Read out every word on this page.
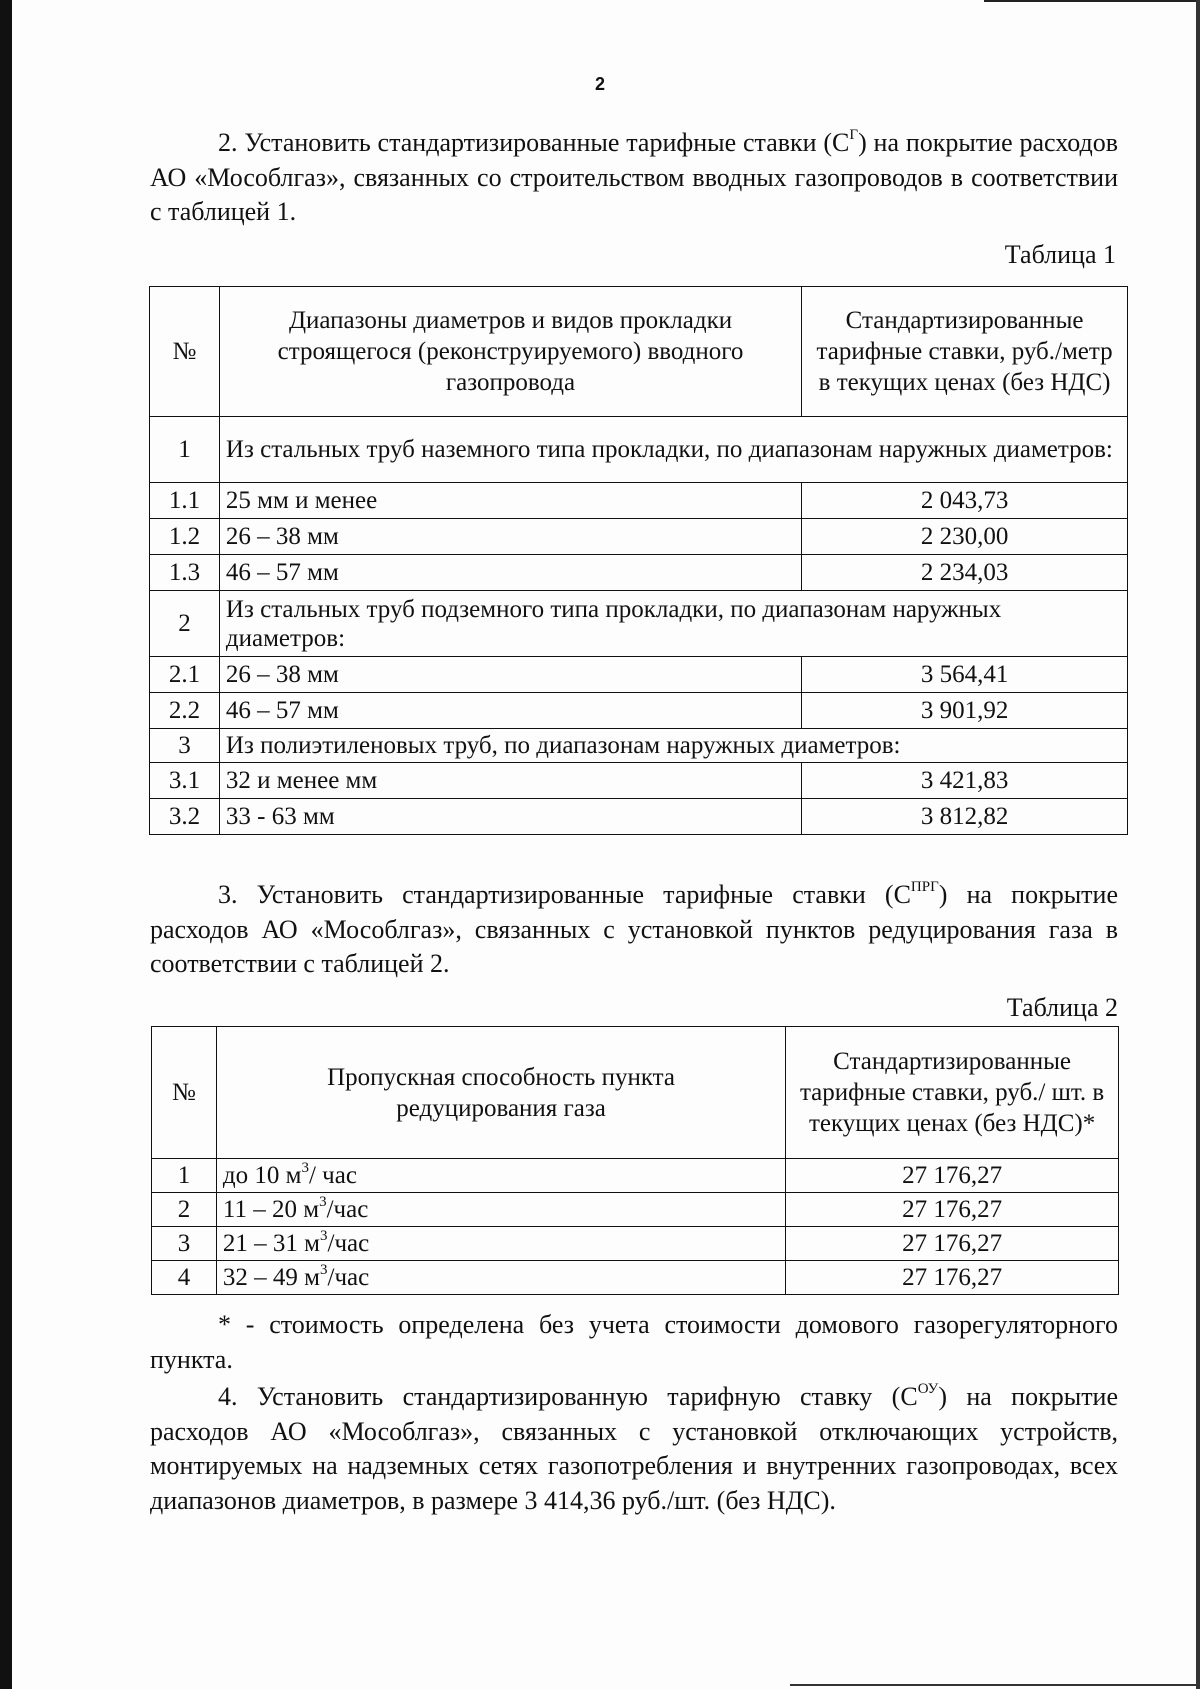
2

2. Установить стандартизированные тарифные ставки $(С^Г)$ на покрытие расходов АО «Мособлгаз», связанных со строительством вводных газопроводов в соответствии с таблицей 1.

Таблица 1

№	Диапазоны диаметров и видов прокладки строящегося (реконструируемого) вводного газопровода	Стандартизированные тарифные ставки, руб./метр в текущих ценах (без НДС)
1	Из стальных труб наземного типа прокладки, по диапазонам наружных диаметров:	
1.1	25 мм и менее	2 043,73
1.2	26 – 38 мм	2 230,00
1.3	46 – 57 мм	2 234,03
2	Из стальных труб подземного типа прокладки, по диапазонам наружных диаметров:	
2.1	26 – 38 мм	3 564,41
2.2	46 – 57 мм	3 901,92
3	Из полиэтиленовых труб, по диапазонам наружных диаметров:	
3.1	32 и менее мм	3 421,83
3.2	33 - 63 мм	3 812,82

3. Установить стандартизированные тарифные ставки $(С^{ПРГ})$ на покрытие расходов АО «Мособлгаз», связанных с установкой пунктов редуцирования газа в соответствии с таблицей 2.

Таблица 2

№	Пропускная способность пункта редуцирования газа	Стандартизированные тарифные ставки, руб./ шт. в текущих ценах (без НДС)*
1	до 10 $м^3/$ час	27 176,27
2	11 – 20 $м^3$/час	27 176,27
3	21 – 31 $м^3$/час	27 176,27
4	32 – 49 $м^3$/час	27 176,27

* - стоимость определена без учета стоимости домового газорегуляторного пункта.

4. Установить стандартизированную тарифную ставку $(С^{ОУ})$ на покрытие расходов АО «Мособлгаз», связанных с установкой отключающих устройств, монтируемых на надземных сетях газопотребления и внутренних газопроводах, всех диапазонов диаметров, в размере 3 414,36 руб./шт. (без НДС).
